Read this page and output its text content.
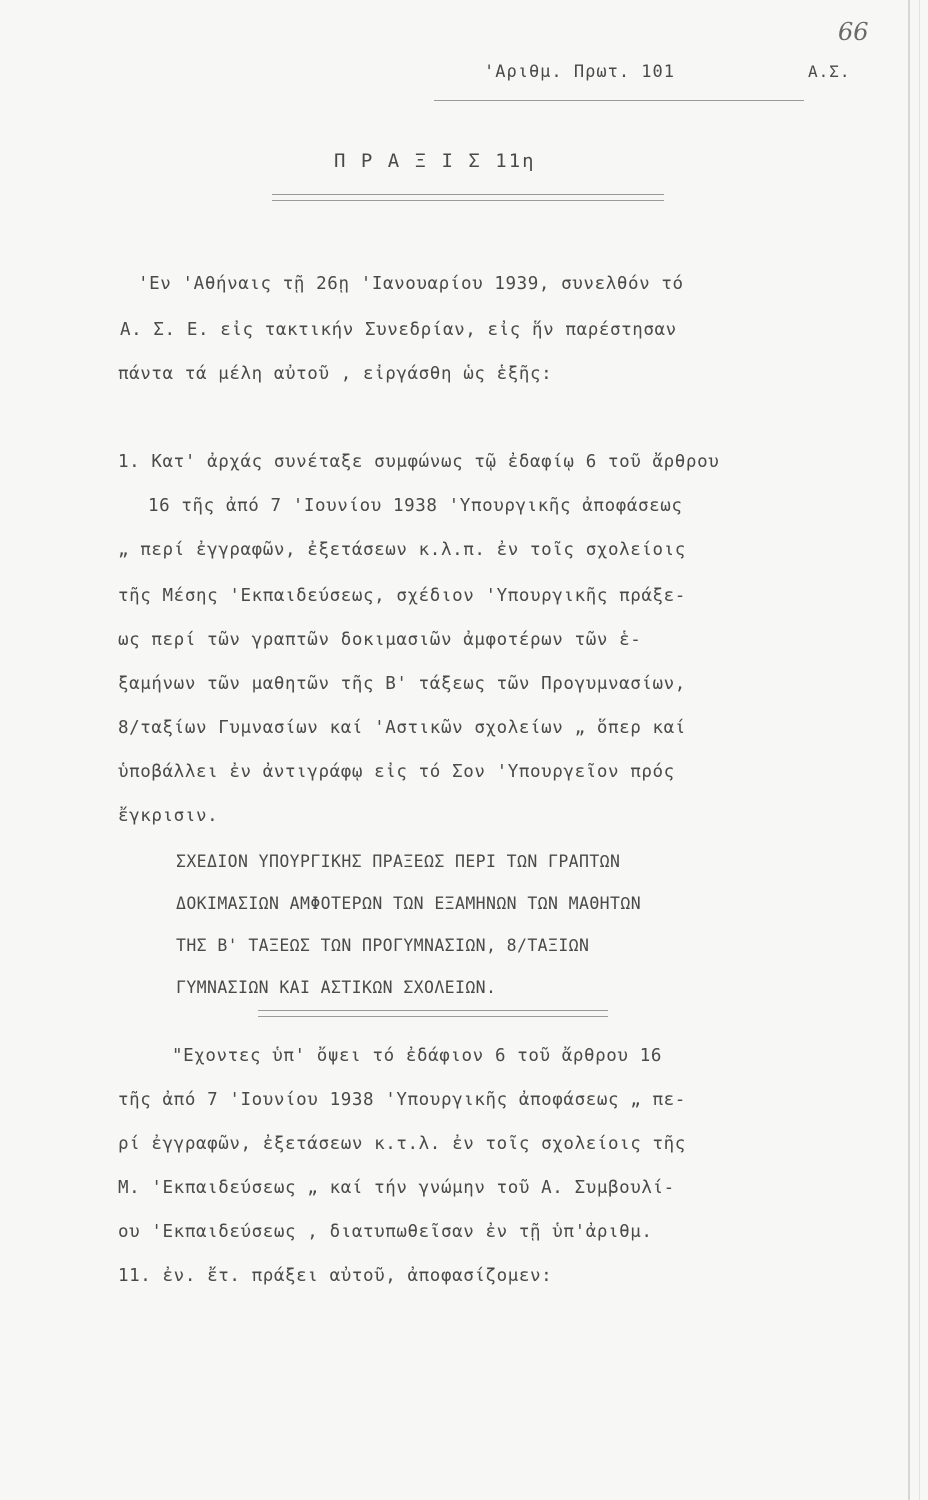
66
'Αριθμ. Πρωτ. 101	Α.Σ.
Π Ρ Α Ξ Ι Σ 11η
'Εν 'Αθήναις τῇ 26ῃ 'Ιανουαρίου 1939, συνελθόν τό
Α. Σ. Ε. εἰς τακτικήν Συνεδρίαν, εἰς ἥν παρέστησαν
πάντα τά μέλη αὐτοῦ , εἰργάσθη ὡς ἑξῆς:
1. Κατ' ἀρχάς συνέταξε συμφώνως τῷ ἐδαφίῳ 6 τοῦ ἄρθρου
16 τῆς ἀπό 7 'Ιουνίου 1938 'Υπουργικῆς ἀποφάσεως
„ περί ἐγγραφῶν, ἐξετάσεων κ.λ.π. ἐν τοῖς σχολείοις
τῆς Μέσης 'Εκπαιδεύσεως, σχέδιον 'Υπουργικῆς πράξε-
ως περί τῶν γραπτῶν δοκιμασιῶν ἀμφοτέρων τῶν ἑ-
ξαμήνων τῶν μαθητῶν τῆς Β' τάξεως τῶν Προγυμνασίων,
8/ταξίων Γυμνασίων καί 'Αστικῶν σχολείων „ ὅπερ καί
ὑποβάλλει ἐν ἀντιγράφῳ εἰς τό Σον 'Υπουργεῖον πρός
ἔγκρισιν.
ΣΧΕΔΙΟΝ ΥΠΟΥΡΓΙΚΗΣ ΠΡΑΞΕΩΣ ΠΕΡΙ ΤΩΝ ΓΡΑΠΤΩΝ
ΔΟΚΙΜΑΣΙΩΝ ΑΜΦΟΤΕΡΩΝ ΤΩΝ ΕΞΑΜΗΝΩΝ ΤΩΝ ΜΑΘΗΤΩΝ
ΤΗΣ Β' ΤΑΞΕΩΣ ΤΩΝ ΠΡΟΓΥΜΝΑΣΙΩΝ, 8/ΤΑΞΙΩΝ
ΓΥΜΝΑΣΙΩΝ ΚΑΙ ΑΣΤΙΚΩΝ ΣΧΟΛΕΙΩΝ.
"Εχοντες ὑπ' ὄψει τό ἐδάφιον 6 τοῦ ἄρθρου 16
τῆς ἀπό 7 'Ιουνίου 1938 'Υπουργικῆς ἀποφάσεως „ πε-
ρί ἐγγραφῶν, ἐξετάσεων κ.τ.λ. ἐν τοῖς σχολείοις τῆς
Μ. 'Εκπαιδεύσεως „ καί τήν γνώμην τοῦ Α. Συμβουλί-
ου 'Εκπαιδεύσεως , διατυπωθεῖσαν ἐν τῇ ὑπ'ἀριθμ.
11. ἐν. ἔτ. πράξει αὐτοῦ, ἀποφασίζομεν:
